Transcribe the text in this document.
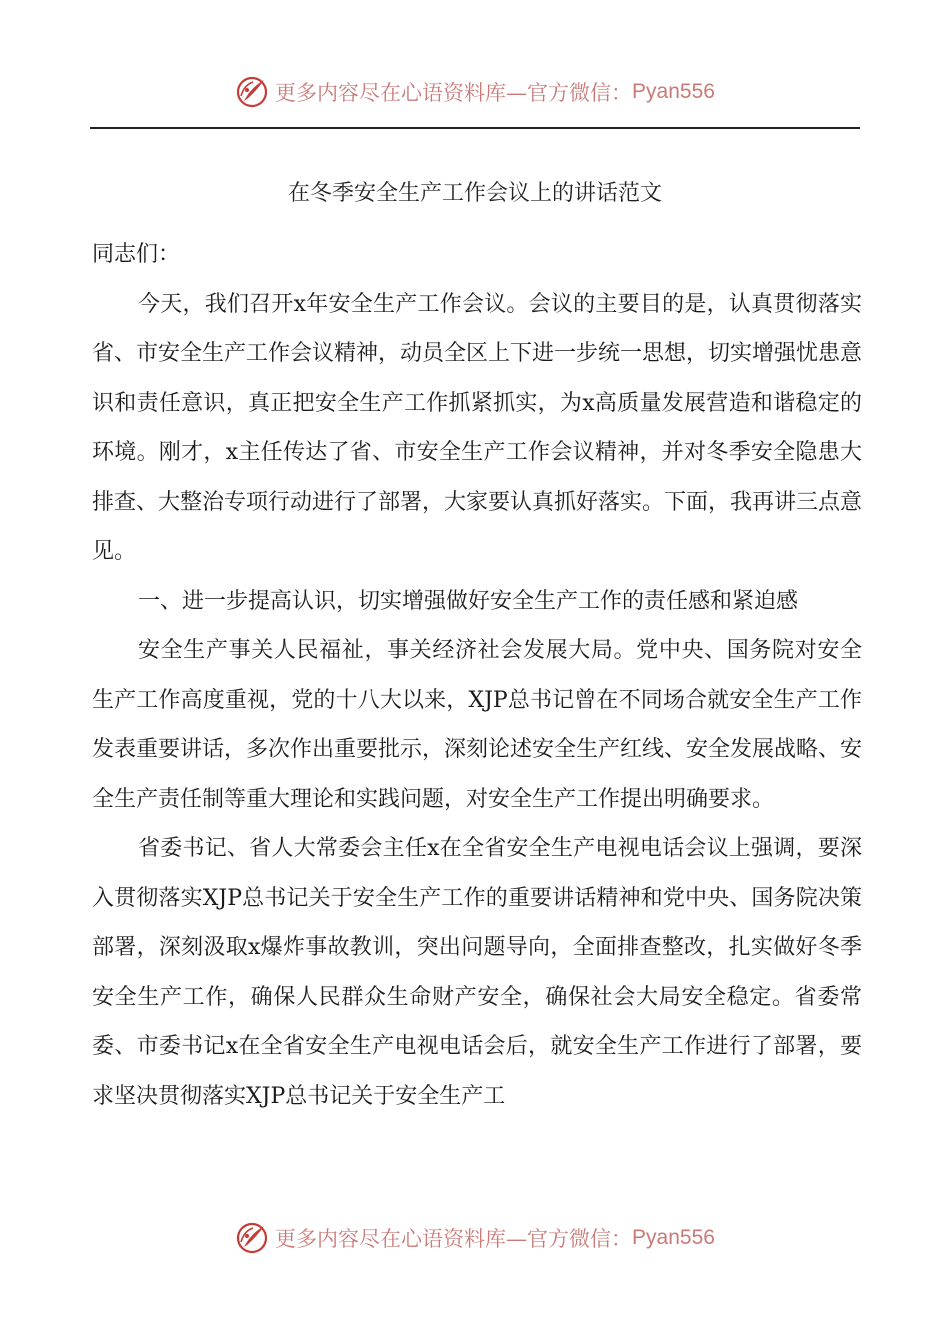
更多内容尽在心语资料库—官方微信： Pyan556
在冬季安全生产工作会议上的讲话范文

同志们：

今天，我们召开x年安全生产工作会议。会议的主要目的是，认真贯彻落实省、市安全生产工作会议精神，动员全区上下进一步统一思想，切实增强忧患意识和责任意识，真正把安全生产工作抓紧抓实，为x高质量发展营造和谐稳定的环境。刚才，x主任传达了省、市安全生产工作会议精神，并对冬季安全隐患大排查、大整治专项行动进行了部署，大家要认真抓好落实。下面，我再讲三点意见。

一、进一步提高认识，切实增强做好安全生产工作的责任感和紧迫感

安全生产事关人民福祉，事关经济社会发展大局。党中央、国务院对安全生产工作高度重视，党的十八大以来，XJP总书记曾在不同场合就安全生产工作发表重要讲话，多次作出重要批示，深刻论述安全生产红线、安全发展战略、安全生产责任制等重大理论和实践问题，对安全生产工作提出明确要求。

省委书记、省人大常委会主任x在全省安全生产电视电话会议上强调，要深入贯彻落实XJP总书记关于安全生产工作的重要讲话精神和党中央、国务院决策部署，深刻汲取x爆炸事故教训，突出问题导向，全面排查整改，扎实做好冬季安全生产工作，确保人民群众生命财产安全，确保社会大局安全稳定。省委常委、市委书记x在全省安全生产电视电话会后，就安全生产工作进行了部署，要求坚决贯彻落实XJP总书记关于安全生产工

更多内容尽在心语资料库—官方微信： Pyan556
